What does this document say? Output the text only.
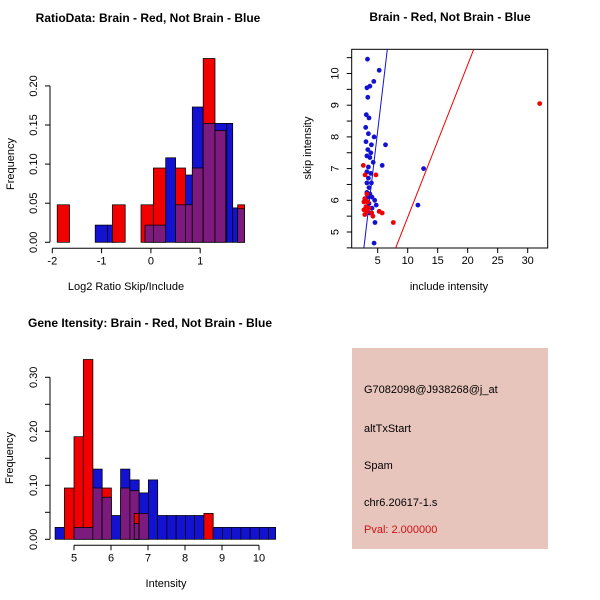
RatioData: Brain - Red, Not Brain - Blue
Log2 Ratio Skip/Include
Frequency
0.00
0.05
0.10
0.15
0.20
-2	-1	0	1
Brain - Red, Not Brain - Blue
include intensity
skip intensity
5 10 15 20 25 30
5
6
7
8
9
10
Gene Itensity: Brain - Red, Not Brain - Blue
Intensity
Frequency
0.00
0.10
0.20
0.30
5	6	7	8	9	10
G7082098@J938268@j_at
altTxStart
Spam
chr6.20617-1.s
Pval: 2.000000
